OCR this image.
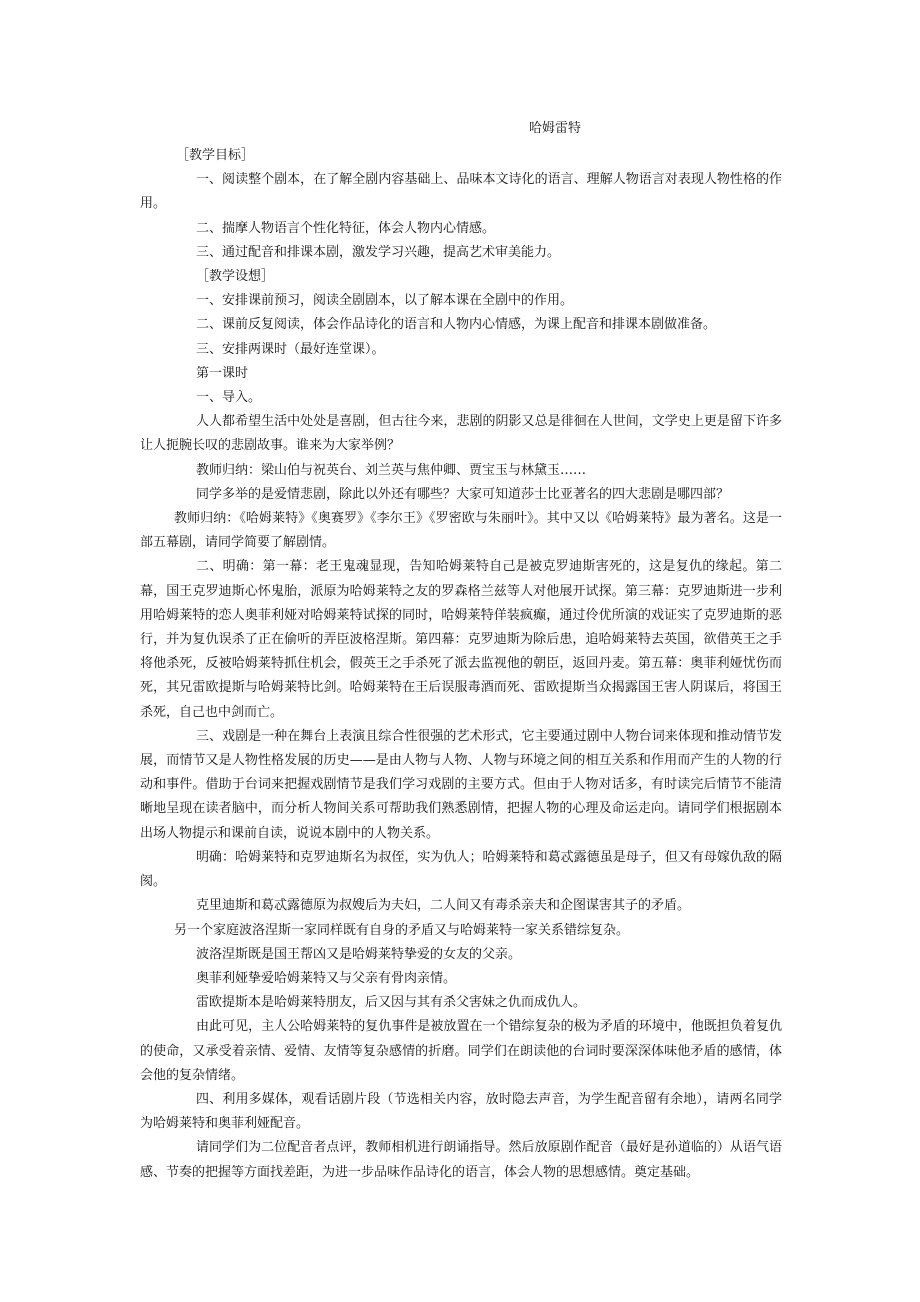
哈姆雷特

［教学目标］

一、阅读整个剧本，在了解全剧内容基础上、品味本文诗化的语言、理解人物语言对表现人物性格的作用。

二、揣摩人物语言个性化特征，体会人物内心情感。

三、通过配音和排课本剧，激发学习兴趣，提高艺术审美能力。

［教学设想］

一、安排课前预习，阅读全剧剧本，以了解本课在全剧中的作用。

二、课前反复阅读，体会作品诗化的语言和人物内心情感，为课上配音和排课本剧做准备。

三、安排两课时（最好连堂课）。

第一课时

一、导入。

人人都希望生活中处处是喜剧，但古往今来，悲剧的阴影又总是徘徊在人世间，文学史上更是留下许多让人扼腕长叹的悲剧故事。谁来为大家举例？

教师归纳：梁山伯与祝英台、刘兰英与焦仲卿、贾宝玉与林黛玉……

同学多举的是爱情悲剧，除此以外还有哪些？大家可知道莎士比亚著名的四大悲剧是哪四部？

教师归纳：《哈姆莱特》《奥赛罗》《李尔王》《罗密欧与朱丽叶》。其中又以《哈姆莱特》最为著名。这是一部五幕剧，请同学简要了解剧情。

二、明确：第一幕：老王鬼魂显现，告知哈姆莱特自己是被克罗迪斯害死的，这是复仇的缘起。第二幕，国王克罗迪斯心怀鬼胎，派原为哈姆莱特之友的罗森格兰兹等人对他展开试探。第三幕：克罗迪斯进一步利用哈姆莱特的恋人奥菲利娅对哈姆莱特试探的同时，哈姆莱特佯装疯癫，通过伶优所演的戏证实了克罗迪斯的恶行，并为复仇误杀了正在偷听的弄臣波格涅斯。第四幕：克罗迪斯为除后患，追哈姆莱特去英国，欲借英王之手将他杀死，反被哈姆莱特抓住机会，假英王之手杀死了派去监视他的朝臣，返回丹麦。第五幕：奥菲利娅忧伤而死，其兄雷欧提斯与哈姆莱特比剑。哈姆莱特在王后误服毒酒而死、雷欧提斯当众揭露国王害人阴谋后，将国王杀死，自己也中剑而亡。

三、戏剧是一种在舞台上表演且综合性很强的艺术形式，它主要通过剧中人物台词来体现和推动情节发展，而情节又是人物性格发展的历史——是由人物与人物、人物与环境之间的相互关系和作用而产生的人物的行动和事件。借助于台词来把握戏剧情节是我们学习戏剧的主要方式。但由于人物对话多，有时读完后情节不能清晰地呈现在读者脑中，而分析人物间关系可帮助我们熟悉剧情，把握人物的心理及命运走向。请同学们根据剧本出场人物提示和课前自读，说说本剧中的人物关系。

明确：哈姆莱特和克罗迪斯名为叔侄，实为仇人；哈姆莱特和葛忒露德虽是母子，但又有母嫁仇敌的隔阂。

克里迪斯和葛忒露德原为叔嫂后为夫妇，二人间又有毒杀亲夫和企图谋害其子的矛盾。

另一个家庭波洛涅斯一家同样既有自身的矛盾又与哈姆莱特一家关系错综复杂。

波洛涅斯既是国王帮凶又是哈姆莱特挚爱的女友的父亲。

奥菲利娅挚爱哈姆莱特又与父亲有骨肉亲情。

雷欧提斯本是哈姆莱特朋友，后又因与其有杀父害妹之仇而成仇人。

由此可见，主人公哈姆莱特的复仇事件是被放置在一个错综复杂的极为矛盾的环境中，他既担负着复仇的使命，又承受着亲情、爱情、友情等复杂感情的折磨。同学们在朗读他的台词时要深深体味他矛盾的感情，体会他的复杂情绪。

四、利用多媒体，观看话剧片段（节选相关内容，放时隐去声音，为学生配音留有余地），请两名同学为哈姆莱特和奥菲利娅配音。

请同学们为二位配音者点评，教师相机进行朗诵指导。然后放原剧作配音（最好是孙道临的）从语气语感、节奏的把握等方面找差距，为进一步品味作品诗化的语言，体会人物的思想感情。奠定基础。
